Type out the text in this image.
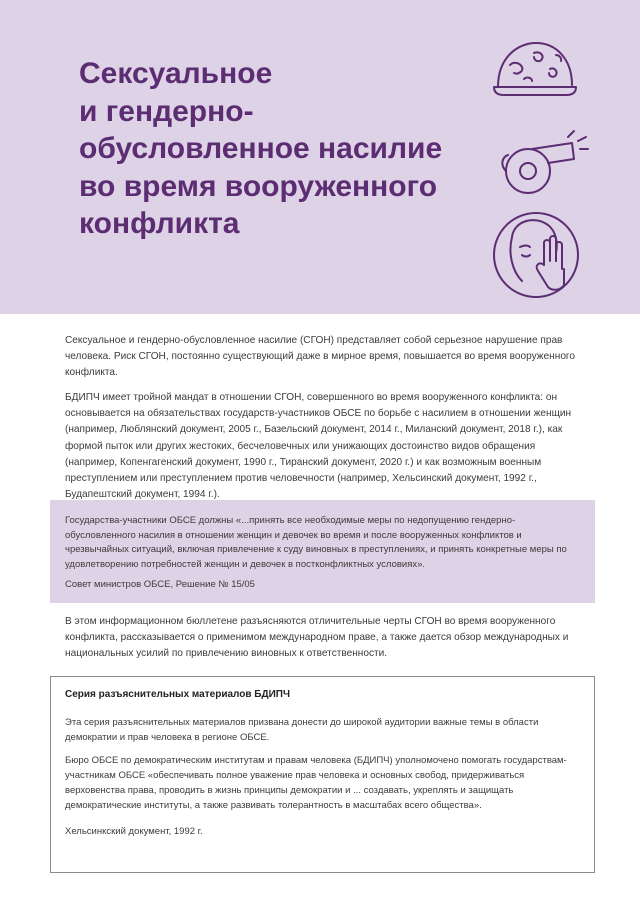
Сексуальное
и гендерно-
обусловленное насилие
во время вооруженного
конфликта

Сексуальное и гендерно-обусловленное насилие (СГОН) представляет собой серьезное нарушение прав человека. Риск СГОН, постоянно существующий даже в мирное время, повышается во время вооруженного конфликта.

БДИПЧ имеет тройной мандат в отношении СГОН, совершенного во время вооруженного конфликта: он основывается на обязательствах государств-участников ОБСЕ по борьбе с насилием в отношении женщин (например, Люблянский документ, 2005 г., Базельский документ, 2014 г., Миланский документ, 2018 г.), как формой пыток или других жестоких, бесчеловечных или унижающих достоинство видов обращения (например, Копенгагенский документ, 1990 г., Тиранский документ, 2020 г.) и как возможным военным преступлением или преступлением против человечности (например, Хельсинский документ, 1992 г., Будапештский документ, 1994 г.).

Государства-участники ОБСЕ должны «...принять все необходимые меры по недопущению гендерно-обусловленного насилия в отношении женщин и девочек во время и после вооруженных конфликтов и чрезвычайных ситуаций, включая привлечение к суду виновных в преступлениях, и принять конкретные меры по удовлетворению потребностей женщин и девочек в постконфликтных условиях».

Совет министров ОБСЕ, Решение № 15/05

В этом информационном бюллетене разъясняются отличительные черты СГОН во время вооруженного конфликта, рассказывается о применимом международном праве, а также дается обзор международных и национальных усилий по привлечению виновных к ответственности.

Серия разъяснительных материалов БДИПЧ

Эта серия разъяснительных материалов призвана донести до широкой аудитории важные темы в области демократии и прав человека в регионе ОБСЕ.

Бюро ОБСЕ по демократическим институтам и правам человека (БДИПЧ) уполномочено помогать государствам-участникам ОБСЕ «обеспечивать полное уважение прав человека и основных свобод, придерживаться верховенства права, проводить в жизнь принципы демократии и ... создавать, укреплять и защищать демократические институты, а также развивать толерантность в масштабах всего общества».

Хельсинкский документ, 1992 г.
